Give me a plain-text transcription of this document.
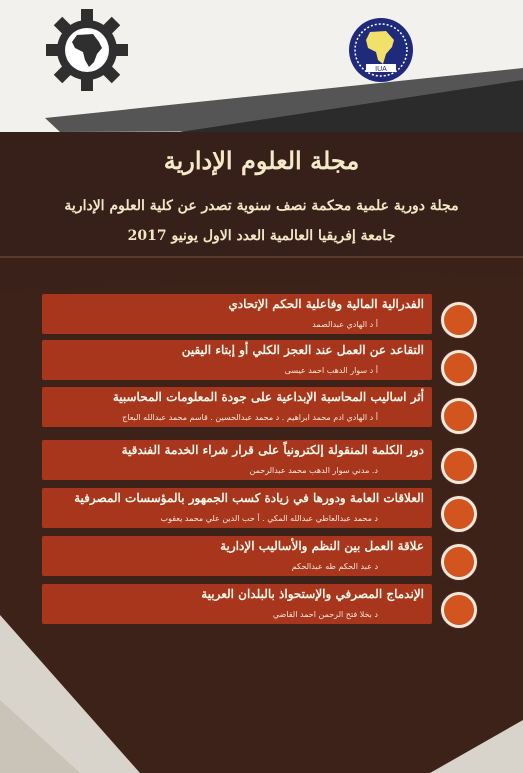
IUA
مجلة العلوم الإدارية
مجلة دورية علمية محكمة نصف سنوية تصدر عن كلية العلوم الإدارية
جامعة إفريقيا العالمية العدد الاول يونيو 2017
الفدرالية المالية وفاعلية الحكم الإتحادي
أ د الهادي عبدالصمد
التقاعد عن العمل عند العجز الكلي أو إبتاء اليقين
أ د سوار الدهب احمد عيسى
أثر اساليب المحاسبة الإبداعية على جودة المعلومات المحاسبية
أ د الهادي ادم محمد ابراهيم . د محمد عبدالحسين . قاسم محمد عبدالله البعاج
دور الكلمة المنقولة إلكترونياً على قرار شراء الخدمة الفندقية
د. مدني سوار الدهب محمد عبدالرحمن
العلاقات العامة ودورها في زيادة كسب الجمهور بالمؤسسات المصرفية
د محمد عبدالعاطي عبدالله المكي . أ حب الدين علي محمد يعقوب
علاقة العمل بين النظم والأساليب الإدارية
د عبد الحكم طه عبدالحكم
الإندماج المصرفي والإستحواذ بالبلدان العربية
د بخلا فتح الرحمن احمد القاضي
